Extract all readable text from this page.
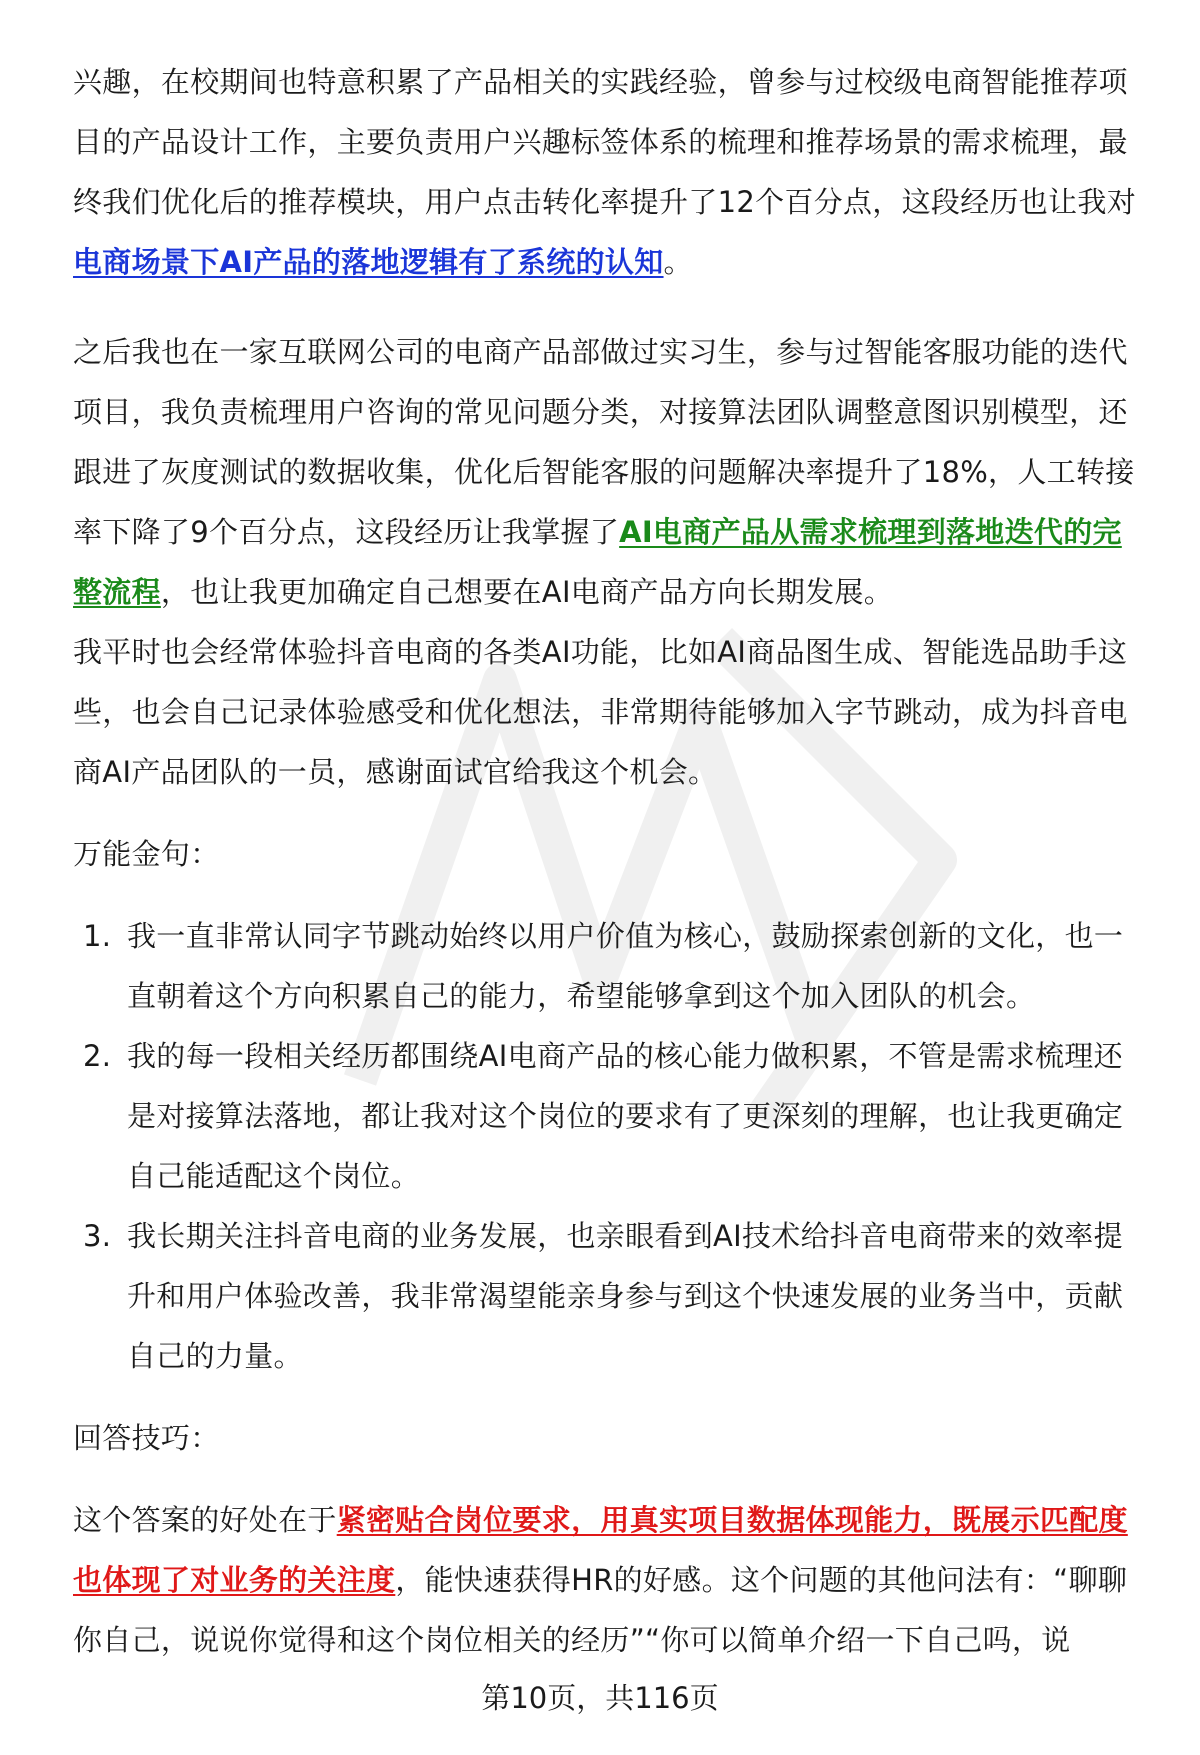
兴趣，在校期间也特意积累了产品相关的实践经验，曾参与过校级电商智能推荐项目的产品设计工作，主要负责用户兴趣标签体系的梳理和推荐场景的需求梳理，最终我们优化后的推荐模块，用户点击转化率提升了12个百分点，这段经历也让我对电商场景下AI产品的落地逻辑有了系统的认知。

之后我也在一家互联网公司的电商产品部做过实习生，参与过智能客服功能的迭代项目，我负责梳理用户咨询的常见问题分类，对接算法团队调整意图识别模型，还跟进了灰度测试的数据收集，优化后智能客服的问题解决率提升了18%，人工转接率下降了9个百分点，这段经历让我掌握了AI电商产品从需求梳理到落地迭代的完整流程，也让我更加确定自己想要在AI电商产品方向长期发展。

我平时也会经常体验抖音电商的各类AI功能，比如AI商品图生成、智能选品助手这些，也会自己记录体验感受和优化想法，非常期待能够加入字节跳动，成为抖音电商AI产品团队的一员，感谢面试官给我这个机会。

万能金句：

1. 我一直非常认同字节跳动始终以用户价值为核心，鼓励探索创新的文化，也一直朝着这个方向积累自己的能力，希望能够拿到这个加入团队的机会。
2. 我的每一段相关经历都围绕AI电商产品的核心能力做积累，不管是需求梳理还是对接算法落地，都让我对这个岗位的要求有了更深刻的理解，也让我更确定自己能适配这个岗位。
3. 我长期关注抖音电商的业务发展，也亲眼看到AI技术给抖音电商带来的效率提升和用户体验改善，我非常渴望能亲身参与到这个快速发展的业务当中，贡献自己的力量。

回答技巧：

这个答案的好处在于紧密贴合岗位要求，用真实项目数据体现能力，既展示匹配度也体现了对业务的关注度，能快速获得HR的好感。这个问题的其他问法有：“聊聊你自己，说说你觉得和这个岗位相关的经历”“你可以简单介绍一下自己吗，说

第10页，共116页
